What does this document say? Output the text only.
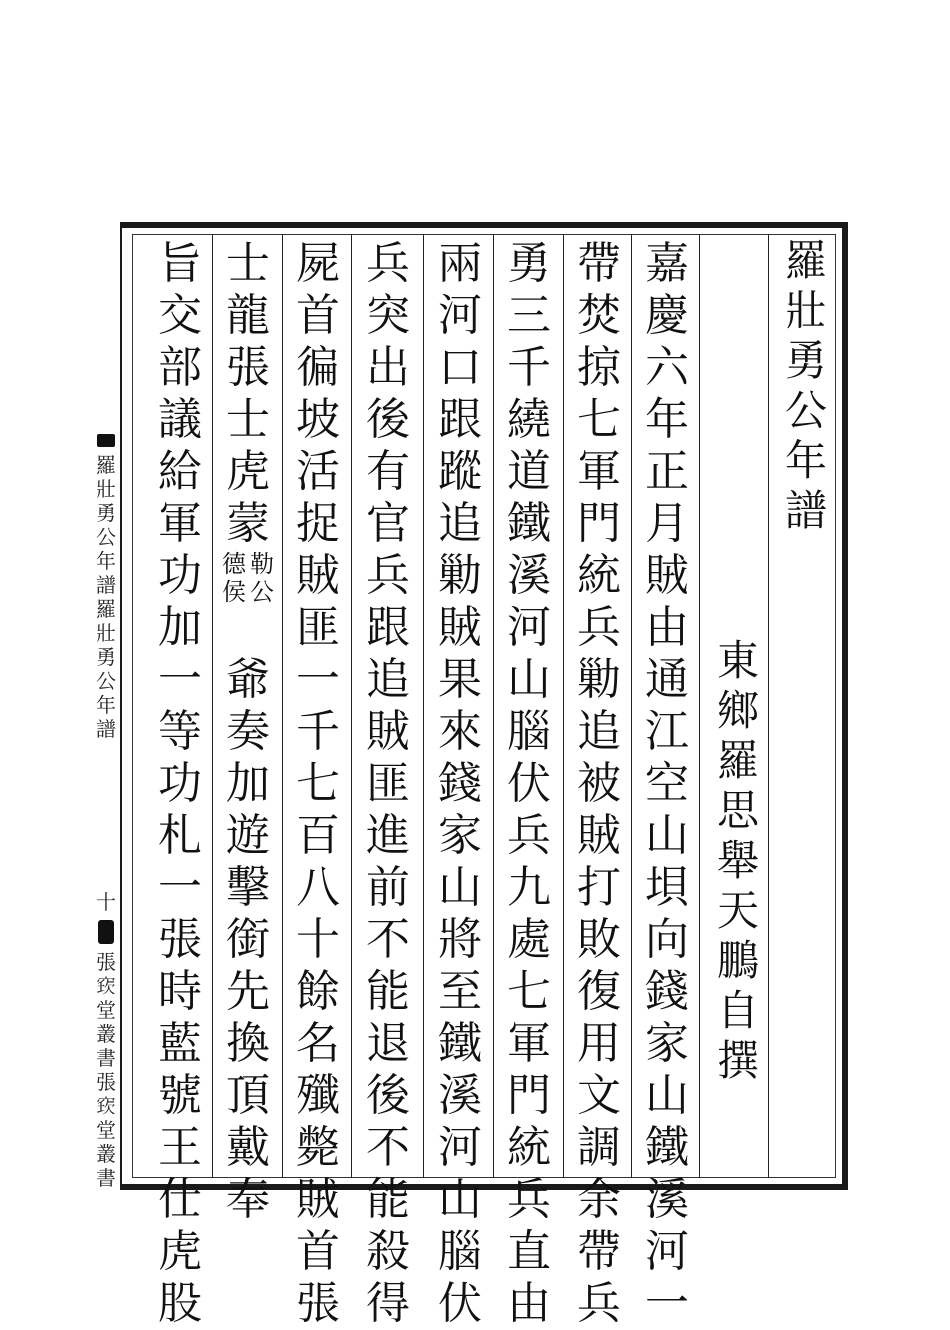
羅
壯
勇
公
年
譜
東
鄉
羅
思
舉
天
鵬
自
撰
嘉
慶
六
年
正
月
賊
由
通
江
空
山
垻
向
錢
家
山
鐵
溪
河
一
帶
焚
掠
七
軍
門
統
兵
勦
追
被
賊
打
敗
復
用
文
調
余
帶
兵
勇
三
千
繞
道
鐵
溪
河
山
腦
伏
兵
九
處
七
軍
門
統
兵
直
由
兩
河
口
跟
蹤
追
勦
賊
果
來
錢
家
山
將
至
鐵
溪
河
山
腦
伏
兵
突
出
後
有
官
兵
跟
追
賊
匪
進
前
不
能
退
後
不
能
殺
得
屍
首
徧
坡
活
捉
賊
匪
一
千
七
百
八
十
餘
名
殲
斃
賊
首
張
士
龍
張
士
虎
蒙
勒
公
德
侯
爺
奏
加
遊
擊
銜
先
換
頂
戴
奉
旨
交
部
議
給
軍
功
加
一
等
功
札
一
張
時
藍
號
王
仕
虎
股
羅
壯
勇
公
年
譜
羅
壯
勇
公
年
譜
十
張
𥦔
堂
叢
書
張
𥦔
堂
叢
書
